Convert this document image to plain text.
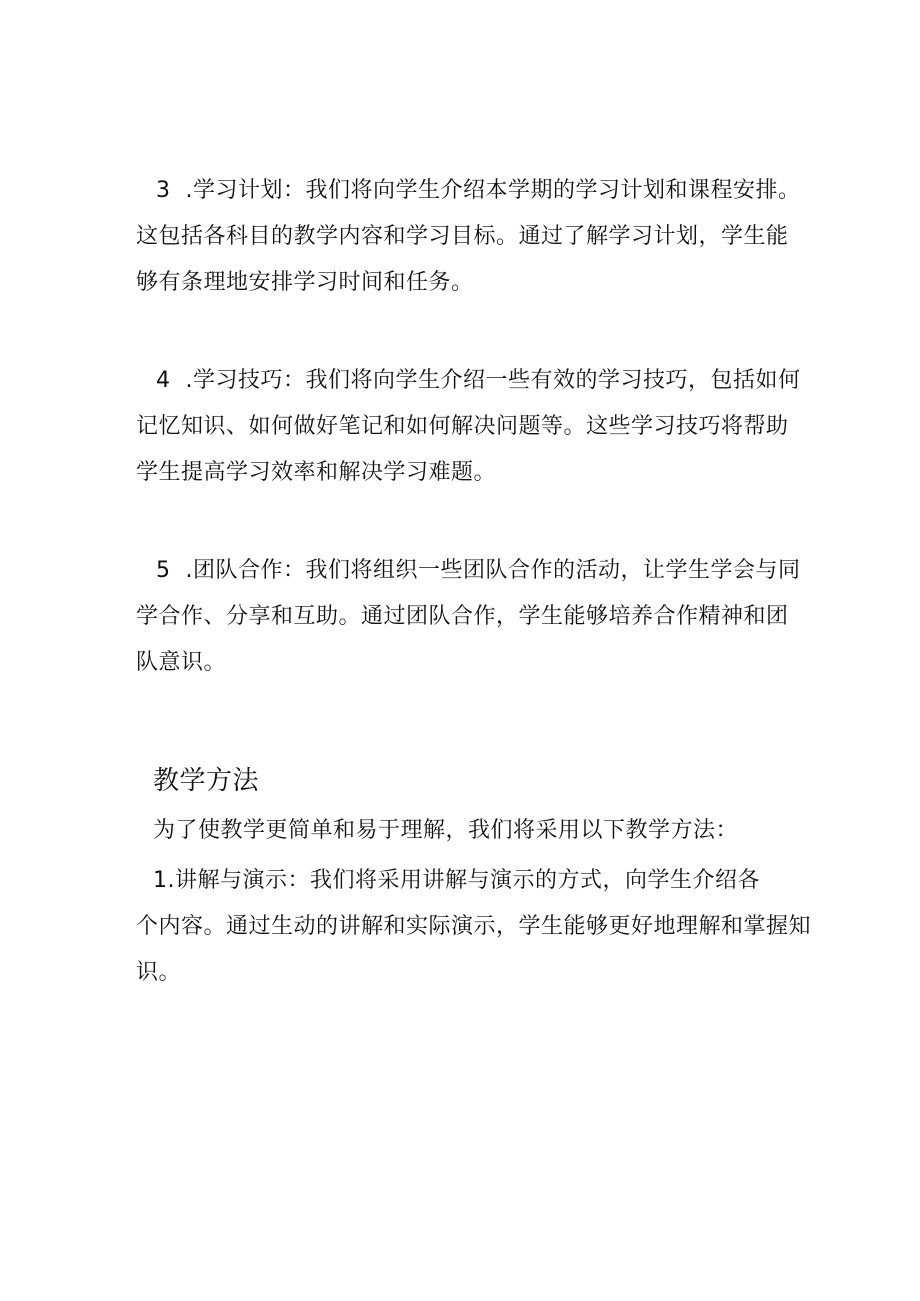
3 .学习计划：我们将向学生介绍本学期的学习计划和课程安排。这包括各科目的教学内容和学习目标。通过了解学习计划，学生能够有条理地安排学习时间和任务。

4 .学习技巧：我们将向学生介绍一些有效的学习技巧，包括如何记忆知识、如何做好笔记和如何解决问题等。这些学习技巧将帮助学生提高学习效率和解决学习难题。

5 .团队合作：我们将组织一些团队合作的活动，让学生学会与同学合作、分享和互助。通过团队合作，学生能够培养合作精神和团队意识。

教学方法

为了使教学更简单和易于理解，我们将采用以下教学方法：

1.讲解与演示：我们将采用讲解与演示的方式，向学生介绍各

个内容。通过生动的讲解和实际演示，学生能够更好地理解和掌握知

识。
